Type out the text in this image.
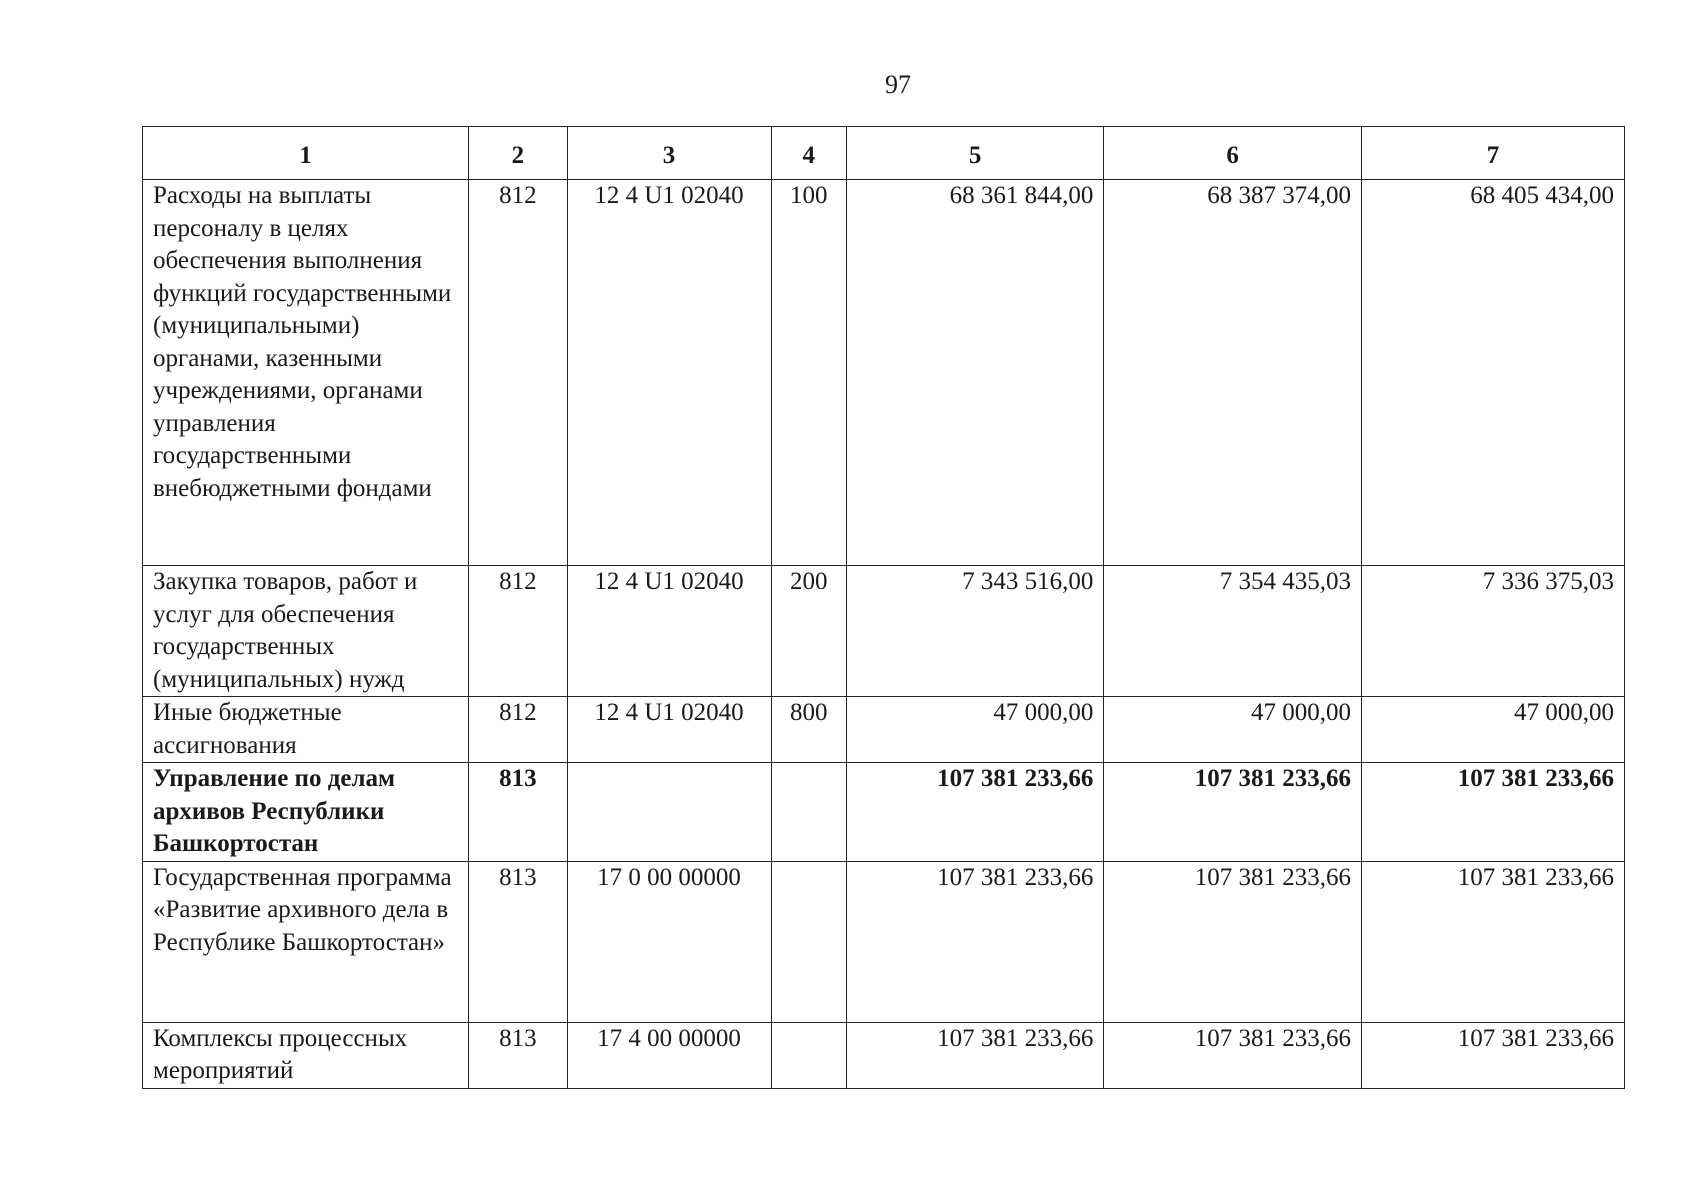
97
1	2	3	4	5	6	7
Расходы на выплаты персоналу в целях обеспечения выполнения функций государственными (муниципальными) органами, казенными учреждениями, органами управления государственными внебюджетными фондами	812	12 4 U1 02040	100	68 361 844,00	68 387 374,00	68 405 434,00
Закупка товаров, работ и услуг для обеспечения государственных (муниципальных) нужд	812	12 4 U1 02040	200	7 343 516,00	7 354 435,03	7 336 375,03
Иные бюджетные ассигнования	812	12 4 U1 02040	800	47 000,00	47 000,00	47 000,00
Управление по делам архивов Республики Башкортостан	813			107 381 233,66	107 381 233,66	107 381 233,66
Государственная программа «Развитие архивного дела в Республике Башкортостан»	813	17 0 00 00000		107 381 233,66	107 381 233,66	107 381 233,66
Комплексы процессных мероприятий	813	17 4 00 00000		107 381 233,66	107 381 233,66	107 381 233,66
